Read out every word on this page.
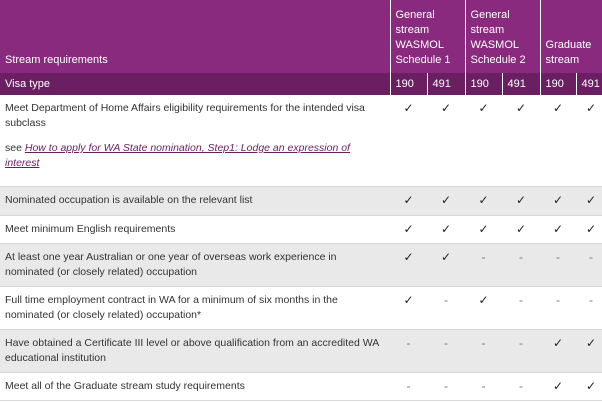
Stream requirements	General stream WASMOL Schedule 1		General stream WASMOL Schedule 2		Graduate stream	
Visa type	190	491	190	491	190	491

Meet Department of Home Affairs eligibility requirements for the intended visa subclass
see How to apply for WA State nomination, Step1: Lodge an expression of interest	✓	✓	✓	✓	✓	✓
Nominated occupation is available on the relevant list	✓	✓	✓	✓	✓	✓
Meet minimum English requirements	✓	✓	✓	✓	✓	✓
At least one year Australian or one year of overseas work experience in nominated (or closely related) occupation	✓	✓	-	-	-	-
Full time employment contract in WA for a minimum of six months in the nominated (or closely related) occupation*	✓	-	✓	-	-	-
Have obtained a Certificate III level or above qualification from an accredited WA educational institution	-	-	-	-	✓	✓
Meet all of the Graduate stream study requirements	-	-	-	-	✓	✓
